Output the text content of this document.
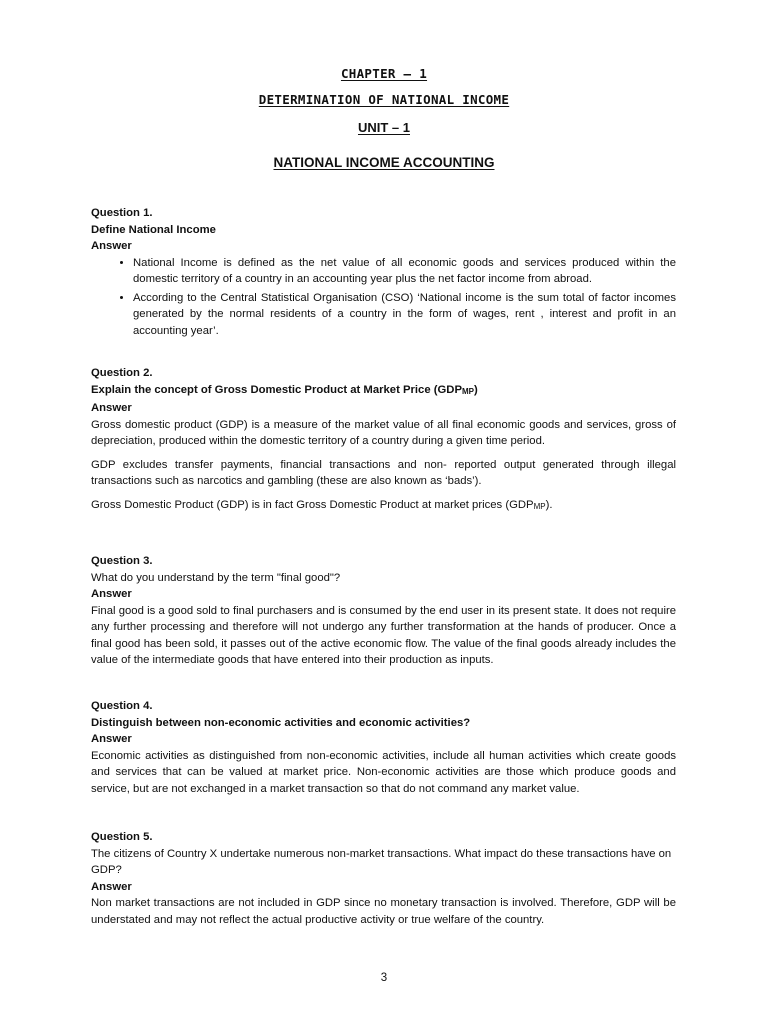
CHAPTER – 1
DETERMINATION OF NATIONAL INCOME
UNIT – 1
NATIONAL INCOME ACCOUNTING
Question 1.
Define National Income
Answer
• National Income is defined as the net value of all economic goods and services produced within the domestic territory of a country in an accounting year plus the net factor income from abroad.
• According to the Central Statistical Organisation (CSO) ‘National income is the sum total of factor incomes generated by the normal residents of a country in the form of wages, rent , interest and profit in an accounting year’.
Question 2.
Explain the concept of Gross Domestic Product at Market Price (GDPMP)
Answer

Gross domestic product (GDP) is a measure of the market value of all final economic goods and services, gross of depreciation, produced within the domestic territory of a country during a given time period.

GDP excludes transfer payments, financial transactions and non- reported output generated through illegal transactions such as narcotics and gambling (these are also known as ‘bads’).

Gross Domestic Product (GDP) is in fact Gross Domestic Product at market prices (GDPMP).

Question 3.
What do you understand by the term "final good"?
Answer

Final good is a good sold to final purchasers and is consumed by the end user in its present state. It does not require any further processing and therefore will not undergo any further transformation at the hands of producer. Once a final good has been sold, it passes out of the active economic flow. The value of the final goods already includes the value of the intermediate goods that have entered into their production as inputs.

Question 4.
Distinguish between non-economic activities and economic activities?
Answer

Economic activities as distinguished from non-economic activities, include all human activities which create goods and services that can be valued at market price. Non-economic activities are those which produce goods and service, but are not exchanged in a market transaction so that do not command any market value.

Question 5.
The citizens of Country X undertake numerous non-market transactions. What impact do these transactions have on GDP?
Answer

Non market transactions are not included in GDP since no monetary transaction is involved. Therefore, GDP will be understated and may not reflect the actual productive activity or true welfare of the country.

3
